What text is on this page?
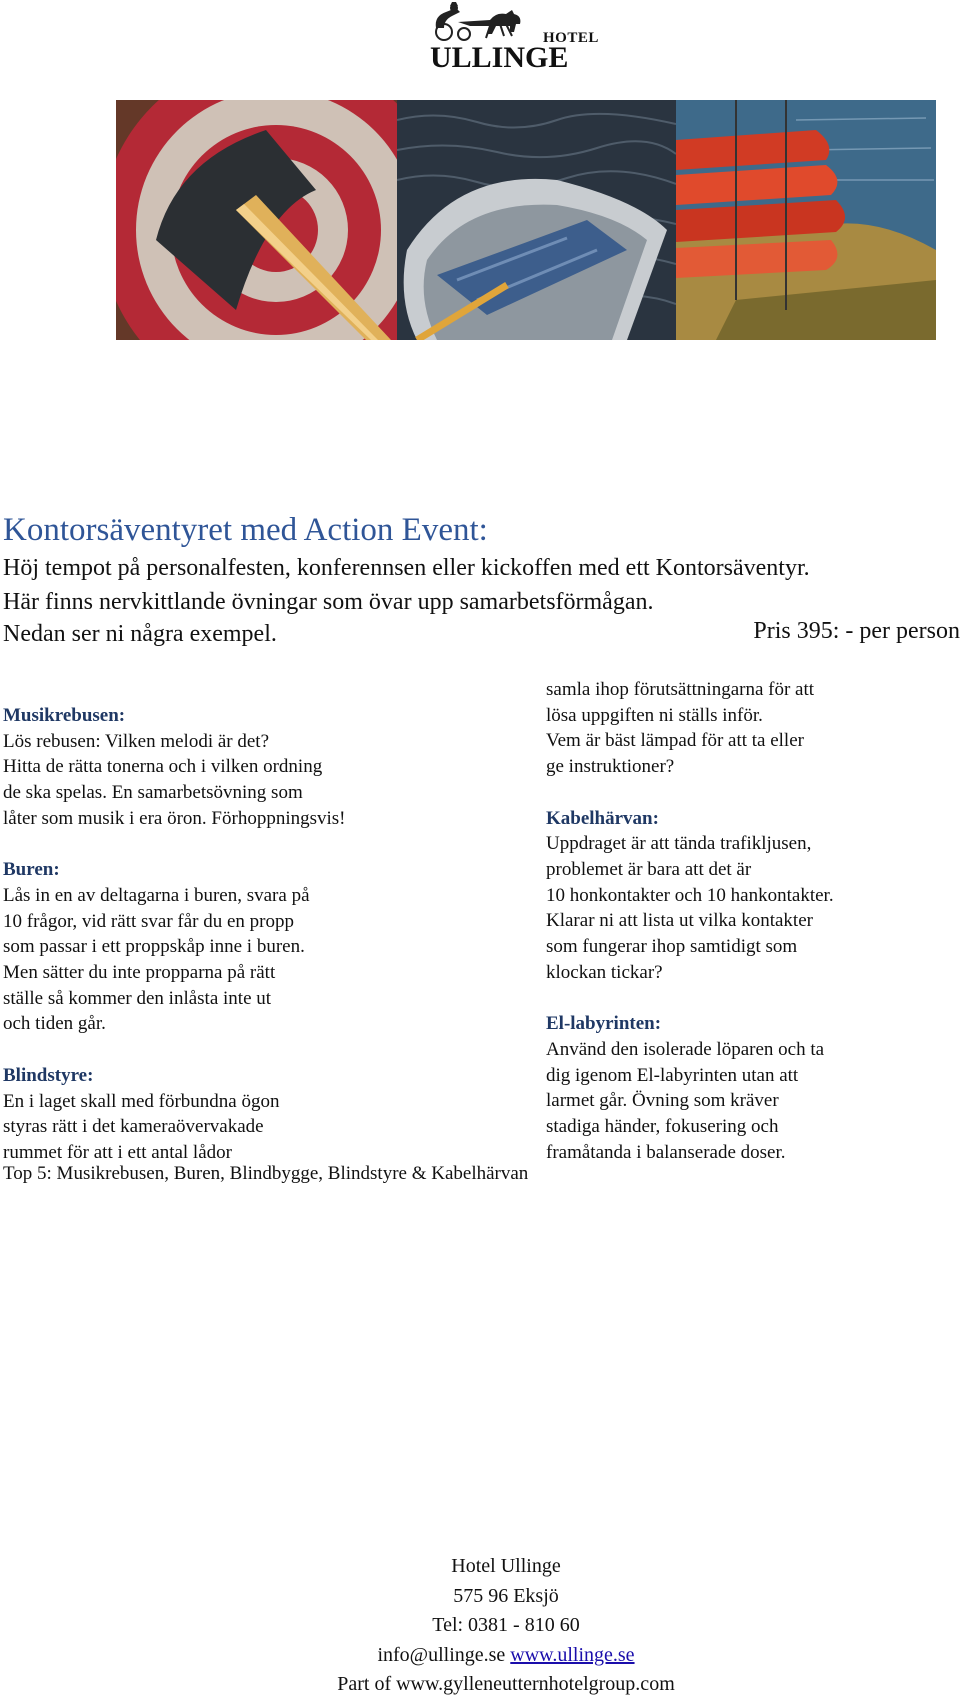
HOTEL
ULLINGE
Kontorsäventyret med Action Event:
Höj tempot på personalfesten, konferennsen eller kickoffen med ett Kontorsäventyr.
Här finns nervkittlande övningar som övar upp samarbetsförmågan.
Nedan ser ni några exempel.	Pris 395: - per person
Musikrebusen:
Lös rebusen: Vilken melodi är det?
Hitta de rätta tonerna och i vilken ordning
de ska spelas. En samarbetsövning som
låter som musik i era öron. Förhoppningsvis!
Buren:
Lås in en av deltagarna i buren, svara på
10 frågor, vid rätt svar får du en propp
som passar i ett proppskåp inne i buren.
Men sätter du inte propparna på rätt
ställe så kommer den inlåsta inte ut
och tiden går.
Blindstyre:
En i laget skall med förbundna ögon
styras rätt i det kameraövervakade
rummet för att i ett antal lådor
samla ihop förutsättningarna för att
lösa uppgiften ni ställs inför.
Vem är bäst lämpad för att ta eller
ge instruktioner?
Kabelhärvan:
Uppdraget är att tända trafikljusen,
problemet är bara att det är
10 honkontakter och 10 hankontakter.
Klarar ni att lista ut vilka kontakter
som fungerar ihop samtidigt som
klockan tickar?
El-labyrinten:
Använd den isolerade löparen och ta
dig igenom El-labyrinten utan att
larmet går. Övning som kräver
stadiga händer, fokusering och
framåtanda i balanserade doser.
Top 5: Musikrebusen, Buren, Blindbygge, Blindstyre & Kabelhärvan
Hotel Ullinge
575 96 Eksjö
Tel: 0381 - 810 60
info@ullinge.se www.ullinge.se
Part of www.gylleneutternhotelgroup.com
